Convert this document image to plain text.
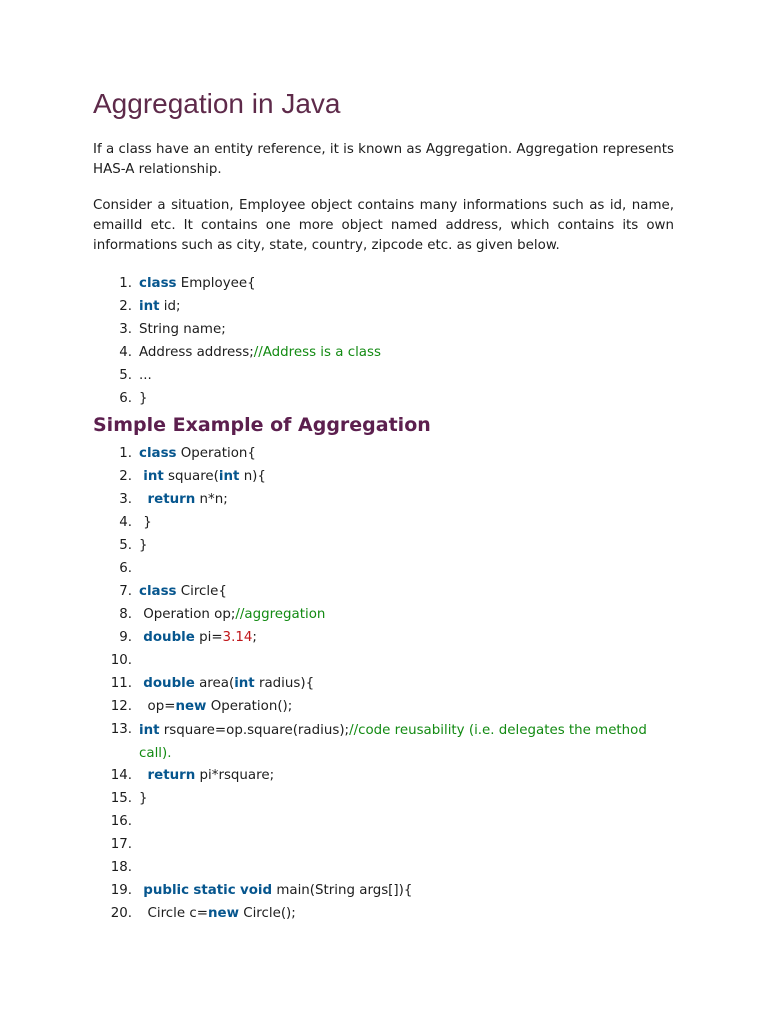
Aggregation in Java

If a class have an entity reference, it is known as Aggregation. Aggregation represents HAS-A relationship.

Consider a situation, Employee object contains many informations such as id, name, emailId etc. It contains one more object named address, which contains its own informations such as city, state, country, zipcode etc. as given below.

1. class Employee{
2. int id;
3. String name;
4. Address address;//Address is a class
5. ...
6. }
Simple Example of Aggregation
1. class Operation{
2. int square(int n){
3.	return n*n;
4. }
5. }
6.
7. class Circle{
8. Operation op;//aggregation
9. double pi=3.14;
10.
11. double area(int radius){
12. op=new Operation();
13. int rsquare=op.square(radius);//code reusability (i.e. delegates the method call).
14.	return pi*rsquare;
15. }
16.
17.
18.
19. public static void main(String args[]){
20. Circle c=new Circle();
